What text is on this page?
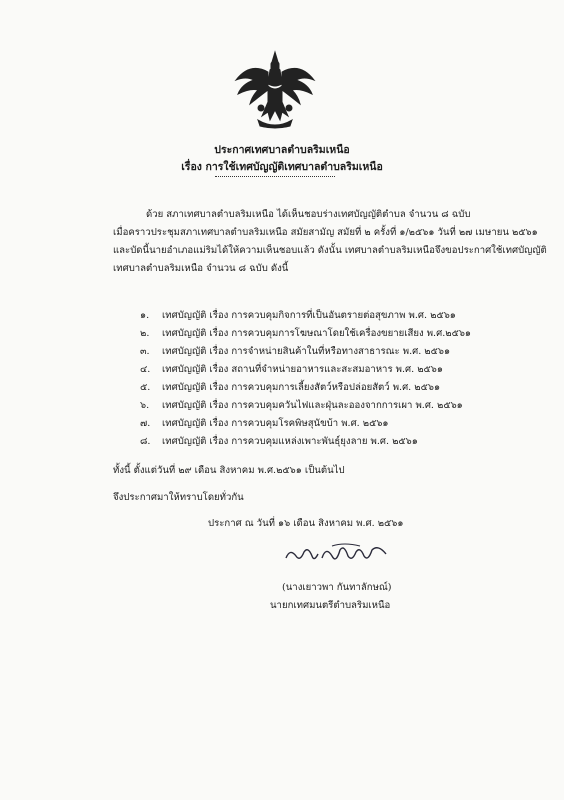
ประกาศเทศบาลตำบลริมเหนือ
เรื่อง การใช้เทศบัญญัติเทศบาลตำบลริมเหนือ
ด้วย สภาเทศบาลตำบลริมเหนือ ได้เห็นชอบร่างเทศบัญญัติตำบล จำนวน ๘ ฉบับ
เมื่อคราวประชุมสภาเทศบาลตำบลริมเหนือ สมัยสามัญ สมัยที่ ๒ ครั้งที่ ๑/๒๕๖๑ วันที่ ๒๗ เมษายน ๒๕๖๑
และบัดนี้นายอำเภอแม่ริมได้ให้ความเห็นชอบแล้ว ดังนั้น เทศบาลตำบลริมเหนือจึงขอประกาศใช้เทศบัญญัติ
เทศบาลตำบลริมเหนือ จำนวน ๘ ฉบับ ดังนี้
๑. เทศบัญญัติ เรื่อง การควบคุมกิจการที่เป็นอันตรายต่อสุขภาพ พ.ศ. ๒๕๖๑
๒. เทศบัญญัติ เรื่อง การควบคุมการโฆษณาโดยใช้เครื่องขยายเสียง พ.ศ.๒๕๖๑
๓. เทศบัญญัติ เรื่อง การจำหน่ายสินค้าในที่หรือทางสาธารณะ พ.ศ. ๒๕๖๑
๔. เทศบัญญัติ เรื่อง สถานที่จำหน่ายอาหารและสะสมอาหาร พ.ศ. ๒๕๖๑
๕. เทศบัญญัติ เรื่อง การควบคุมการเลี้ยงสัตว์หรือปล่อยสัตว์ พ.ศ. ๒๕๖๑
๖. เทศบัญญัติ เรื่อง การควบคุมควันไฟและฝุ่นละอองจากการเผา พ.ศ. ๒๕๖๑
๗. เทศบัญญัติ เรื่อง การควบคุมโรคพิษสุนัขบ้า พ.ศ. ๒๕๖๑
๘. เทศบัญญัติ เรื่อง การควบคุมแหล่งเพาะพันธุ์ยุงลาย พ.ศ. ๒๕๖๑
ทั้งนี้ ตั้งแต่วันที่ ๒๙ เดือน สิงหาคม พ.ศ.๒๕๖๑ เป็นต้นไป
จึงประกาศมาให้ทราบโดยทั่วกัน
ประกาศ ณ วันที่ ๑๖ เดือน สิงหาคม พ.ศ. ๒๕๖๑
(นางเยาวพา กันทาลักษณ์)
นายกเทศมนตรีตำบลริมเหนือ
